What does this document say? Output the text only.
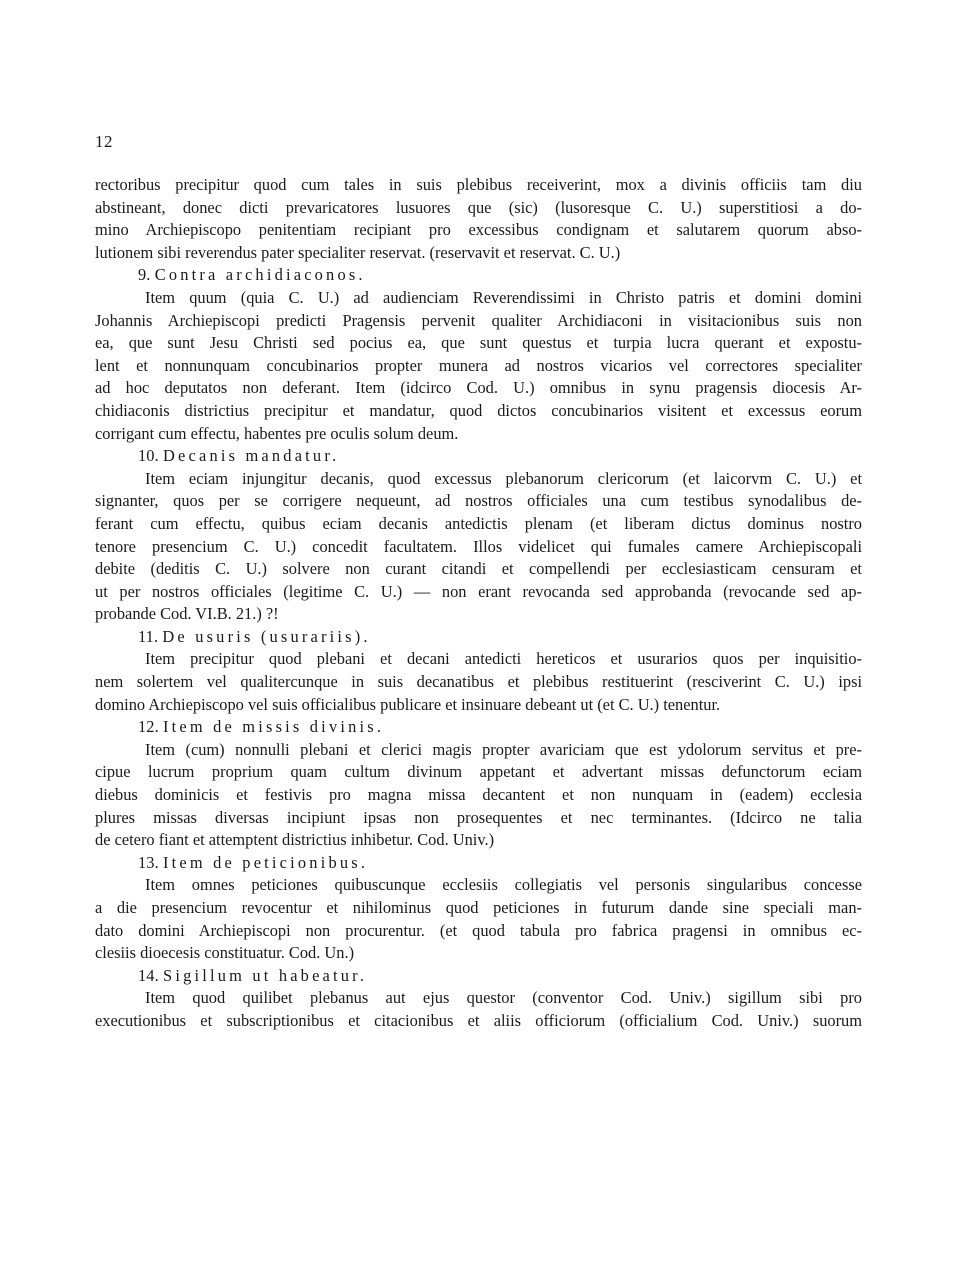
12
rectoribus precipitur quod cum tales in suis plebibus receiverint, mox a divinis officiis tam diu
abstineant, donec dicti prevaricatores lusuores que (sic) (lusoresque C. U.) superstitiosi a do-
mino Archiepiscopo penitentiam recipiant pro excessibus condignam et salutarem quorum abso-
lutionem sibi reverendus pater specialiter reservat. (reservavit et reservat. C. U.)
9. Contra archidiaconos.
Item quum (quia C. U.) ad audienciam Reverendissimi in Christo patris et domini domini
Johannis Archiepiscopi predicti Pragensis pervenit qualiter Archidiaconi in visitacionibus suis non
ea, que sunt Jesu Christi sed pocius ea, que sunt questus et turpia lucra querant et expostu-
lent et nonnunquam concubinarios propter munera ad nostros vicarios vel correctores specialiter
ad hoc deputatos non deferant. Item (idcirco Cod. U.) omnibus in synu pragensis diocesis Ar-
chidiaconis districtius precipitur et mandatur, quod dictos concubinarios visitent et excessus eorum
corrigant cum effectu, habentes pre oculis solum deum.
10. Decanis mandatur.
Item eciam injungitur decanis, quod excessus plebanorum clericorum (et laicorvm C. U.) et
signanter, quos per se corrigere nequeunt, ad nostros officiales una cum testibus synodalibus de-
ferant cum effectu, quibus eciam decanis antedictis plenam (et liberam dictus dominus nostro
tenore presencium C. U.) concedit facultatem. Illos videlicet qui fumales camere Archiepiscopali
debite (deditis C. U.) solvere non curant citandi et compellendi per ecclesiasticam censuram et
ut per nostros officiales (legitime C. U.) — non erant revocanda sed approbanda (revocande sed ap-
probande Cod. VI.B. 21.) ?!
11. De usuris (usurariis).
Item precipitur quod plebani et decani antedicti hereticos et usurarios quos per inquisitio-
nem solertem vel qualitercunque in suis decanatibus et plebibus restituerint (resciverint C. U.) ipsi
domino Archiepiscopo vel suis officialibus publicare et insinuare debeant ut (et C. U.) tenentur.
12. Item de missis divinis.
Item (cum) nonnulli plebani et clerici magis propter avariciam que est ydolorum servitus et pre-
cipue lucrum proprium quam cultum divinum appetant et advertant missas defunctorum eciam
diebus dominicis et festivis pro magna missa decantent et non nunquam in (eadem) ecclesia
plures missas diversas incipiunt ipsas non prosequentes et nec terminantes. (Idcirco ne talia
de cetero fiant et attemptent districtius inhibetur. Cod. Univ.)
13. Item de peticionibus.
Item omnes peticiones quibuscunque ecclesiis collegiatis vel personis singularibus concesse
a die presencium revocentur et nihilominus quod peticiones in futurum dande sine speciali man-
dato domini Archiepiscopi non procurentur. (et quod tabula pro fabrica pragensi in omnibus ec-
clesiis dioecesis constituatur. Cod. Un.)
14. Sigillum ut habeatur.
Item quod quilibet plebanus aut ejus questor (conventor Cod. Univ.) sigillum sibi pro
executionibus et subscriptionibus et citacionibus et aliis officiorum (officialium Cod. Univ.) suorum
